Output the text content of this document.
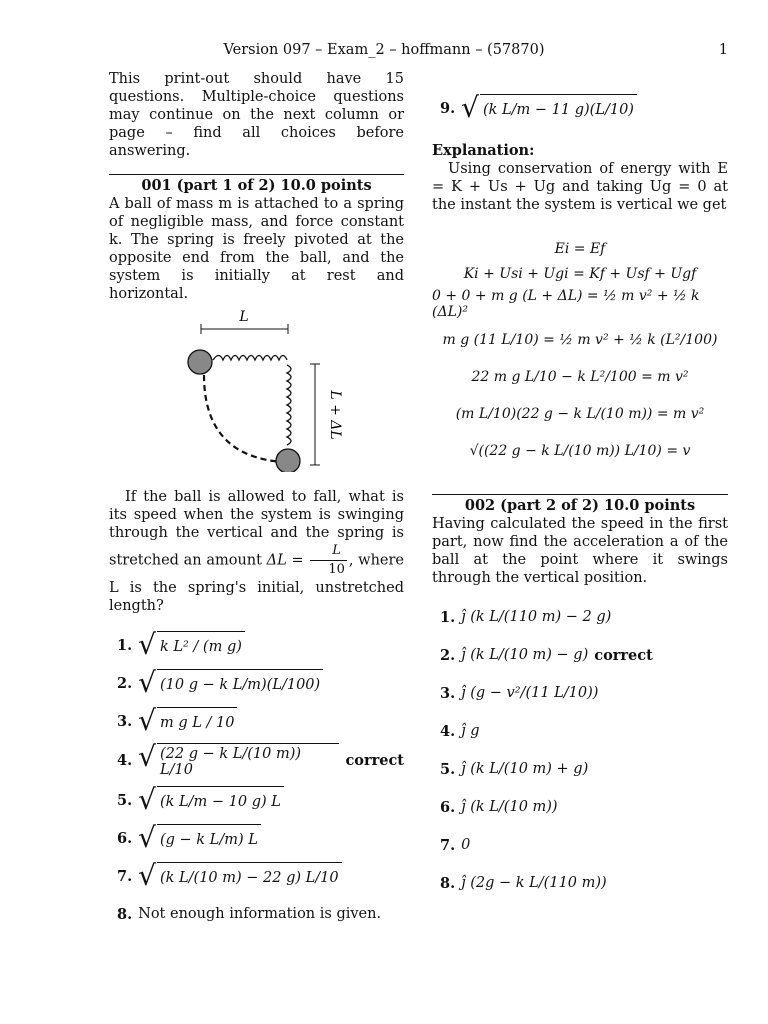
Version 097 – Exam_2 – hoffmann – (57870)	1

This print-out should have 15 questions. Multiple-choice questions may continue on the next column or page – find all choices before answering.

001 (part 1 of 2) 10.0 points

A ball of mass m is attached to a spring of negligible mass, and force constant k. The spring is freely pivoted at the opposite end from the ball, and the system is initially at rest and horizontal.

L
L + ΔL

If the ball is allowed to fall, what is its speed when the system is swinging through the vertical and the spring is stretched an amount $\Delta L = \frac{L}{10}$ , where L is the spring's initial, unstretched length?

1. √ k L² / (m g)
2. √ (10 g − k L/m)(L/100)
3. √ m g L / 10
4. √ (22 g − k L/(10 m)) L/10
correct
5. √ (k L/m − 10 g) L
6. √ (g − k L/m) L
7. √ (k L/(10 m) − 22 g) L/10
8. Not enough information is given.
9. √ (k L/m − 11 g)(L/10)
Explanation:

Using conservation of energy with E = K + Us + Ug and taking Ug = 0 at the instant the system is vertical we get

Ei = Ef
Ki + Usi + Ugi = Kf + Usf + Ugf
0 + 0 + m g (L + ΔL) = ½ m v² + ½ k (ΔL)²
m g (11 L/10) = ½ m v² + ½ k (L²/100)
22 m g L/10 − k L²/100 = m v²
(m L/10)(22 g − k L/(10 m)) = m v²
√((22 g − k L/(10 m)) L/10) = v
002 (part 2 of 2) 10.0 points

Having calculated the speed in the first part, now find the acceleration a of the ball at the point where it swings through the vertical position.

1. ĵ (k L/(110 m) − 2 g)
2. ĵ (k L/(10 m) − g) correct
3. ĵ (g − v²/(11 L/10))
4. ĵ g
5. ĵ (k L/(10 m) + g)
6. ĵ (k L/(10 m))
7. 0
8. ĵ (2g − k L/(110 m))
